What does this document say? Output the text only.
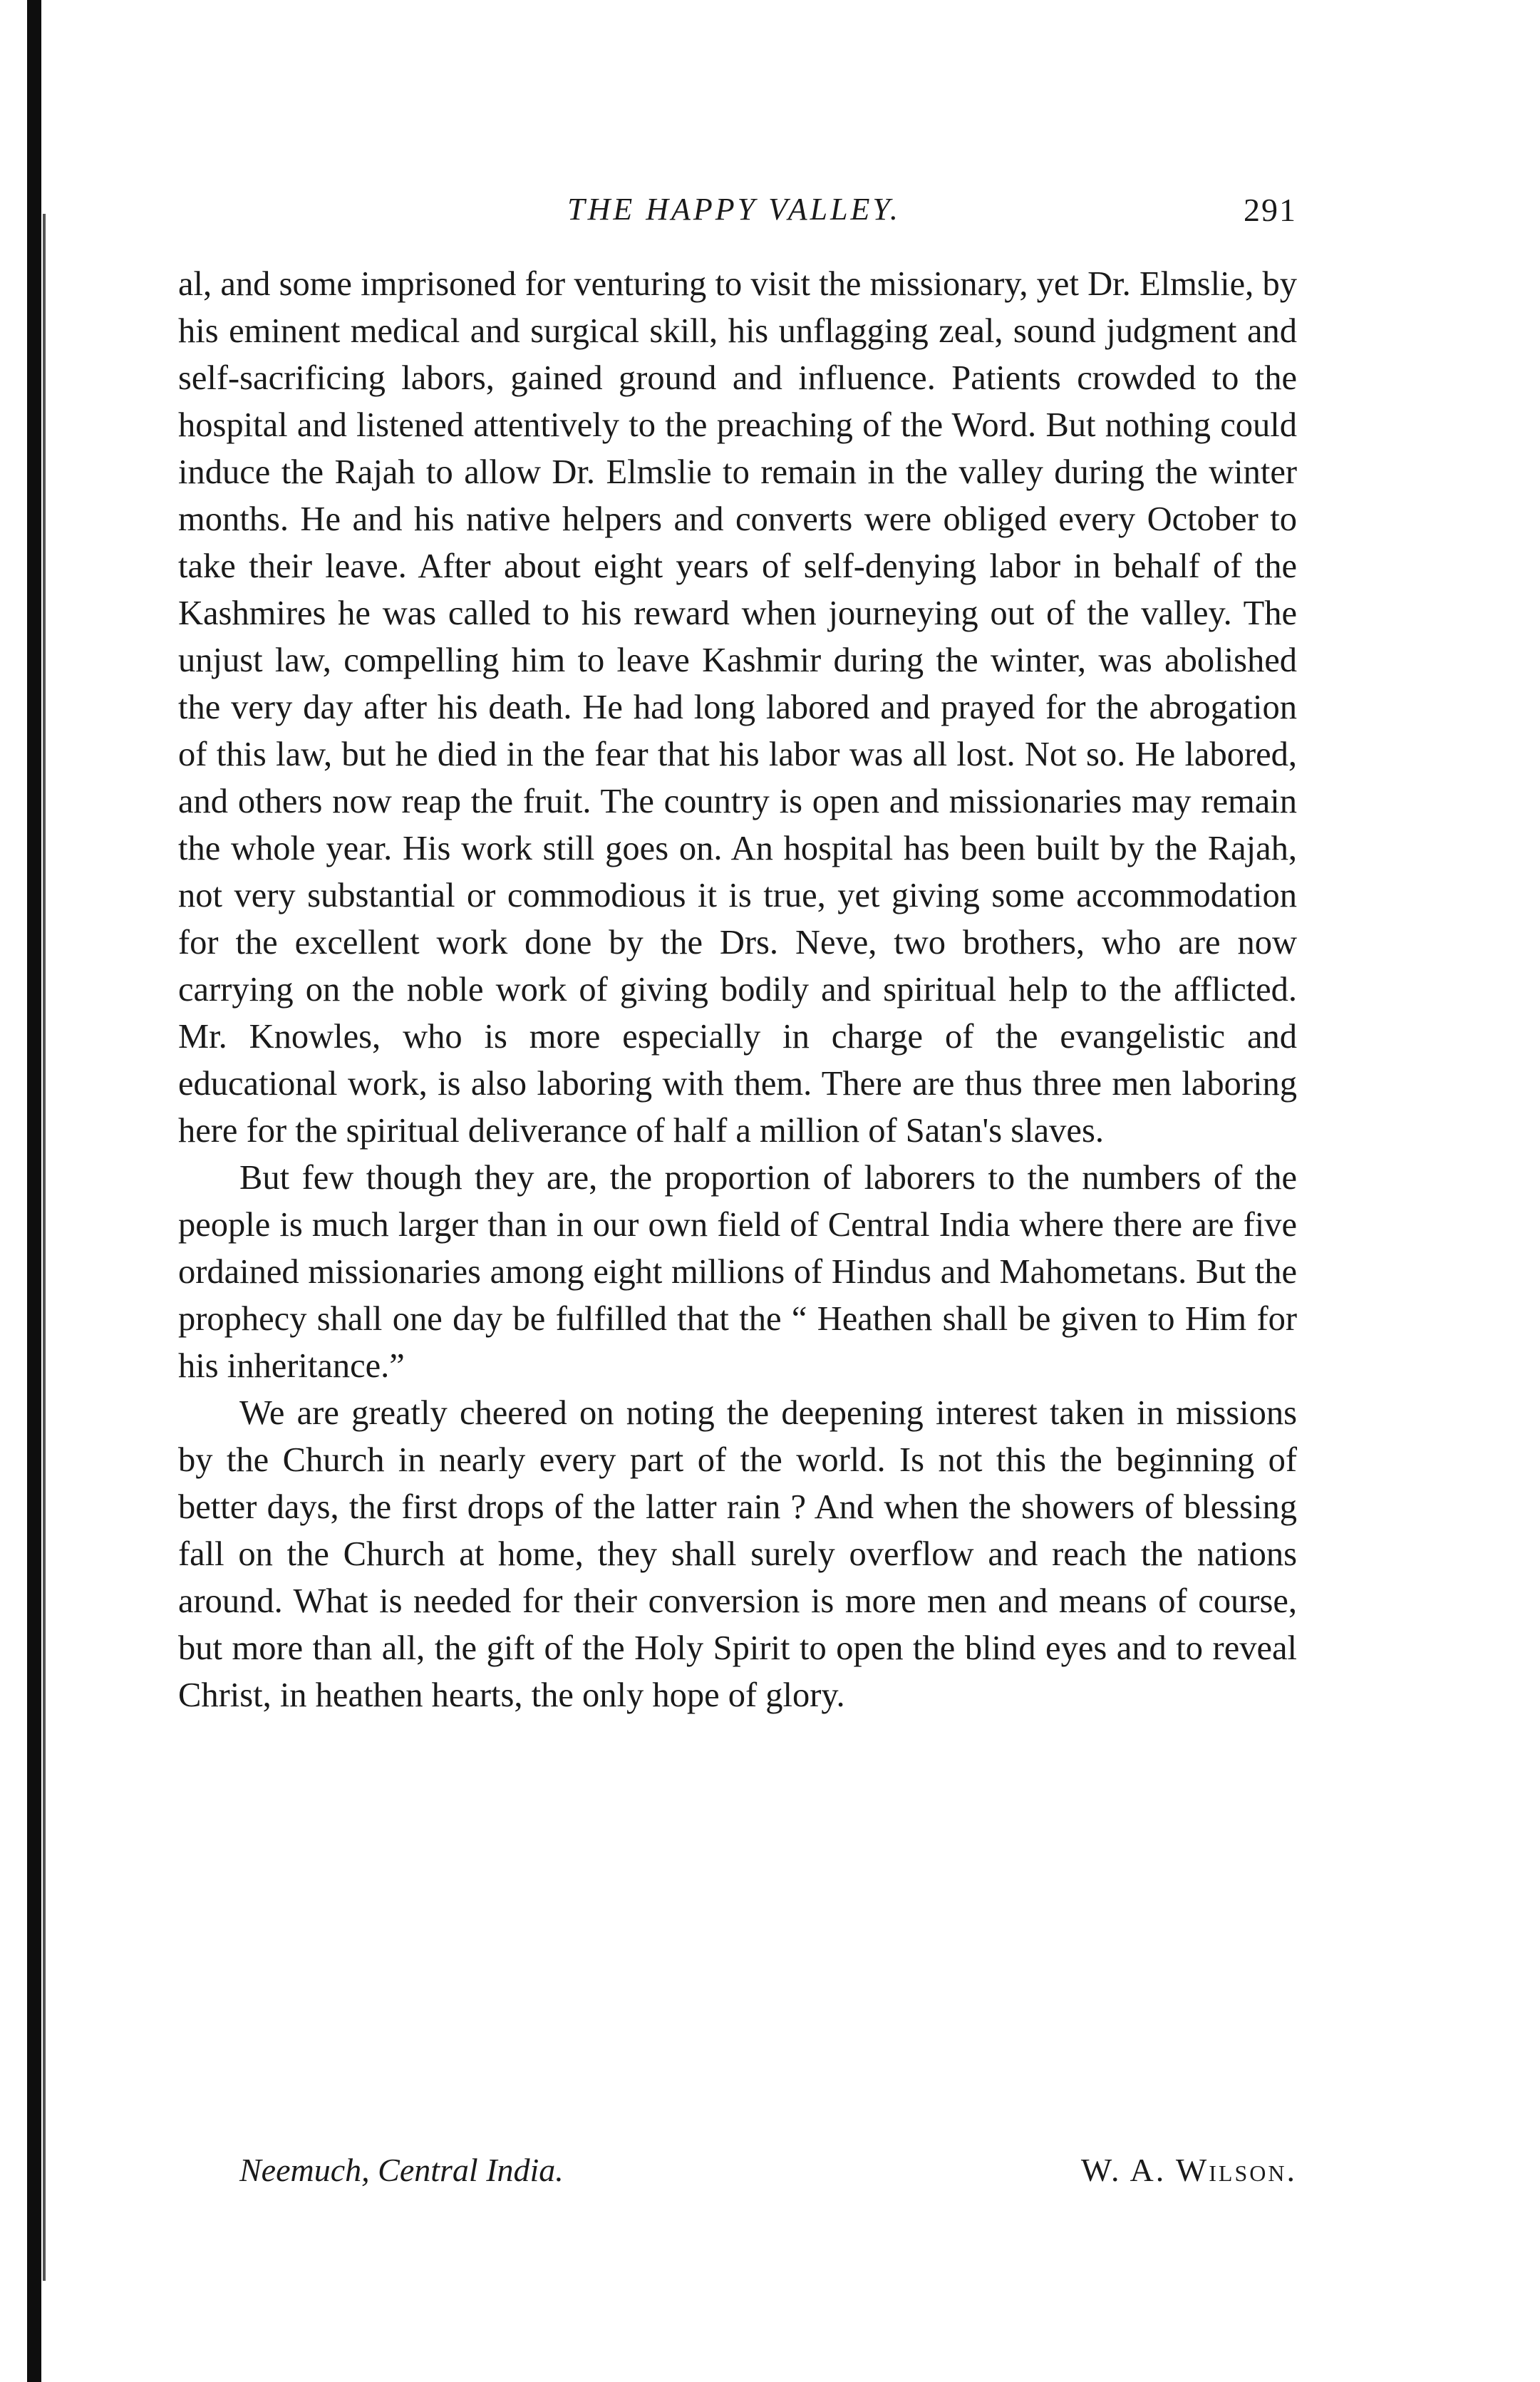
THE HAPPY VALLEY.	291

al, and some imprisoned for venturing to visit the missionary, yet Dr. Elmslie, by his eminent medical and surgical skill, his unflagging zeal, sound judgment and self-sacrificing labors, gained ground and influence. Patients crowded to the hospital and listened attentively to the preaching of the Word. But nothing could induce the Rajah to allow Dr. Elmslie to remain in the valley during the winter months. He and his native helpers and converts were obliged every October to take their leave. After about eight years of self-denying labor in behalf of the Kashmires he was called to his reward when journeying out of the valley. The unjust law, compelling him to leave Kashmir during the winter, was abolished the very day after his death. He had long labored and prayed for the abrogation of this law, but he died in the fear that his labor was all lost. Not so. He labored, and others now reap the fruit. The country is open and missionaries may remain the whole year. His work still goes on. An hospital has been built by the Rajah, not very substantial or commodious it is true, yet giving some accommodation for the excellent work done by the Drs. Neve, two brothers, who are now carrying on the noble work of giving bodily and spiritual help to the afflicted. Mr. Knowles, who is more especially in charge of the evangelistic and educational work, is also laboring with them. There are thus three men laboring here for the spiritual deliverance of half a million of Satan's slaves.

But few though they are, the proportion of laborers to the numbers of the people is much larger than in our own field of Central India where there are five ordained missionaries among eight millions of Hindus and Mahometans. But the prophecy shall one day be fulfilled that the “ Heathen shall be given to Him for his inheritance.”

We are greatly cheered on noting the deepening interest taken in missions by the Church in nearly every part of the world. Is not this the beginning of better days, the first drops of the latter rain ? And when the showers of blessing fall on the Church at home, they shall surely overflow and reach the nations around. What is needed for their conversion is more men and means of course, but more than all, the gift of the Holy Spirit to open the blind eyes and to reveal Christ, in heathen hearts, the only hope of glory.

Neemuch, Central India.	W. A. Wilson.
